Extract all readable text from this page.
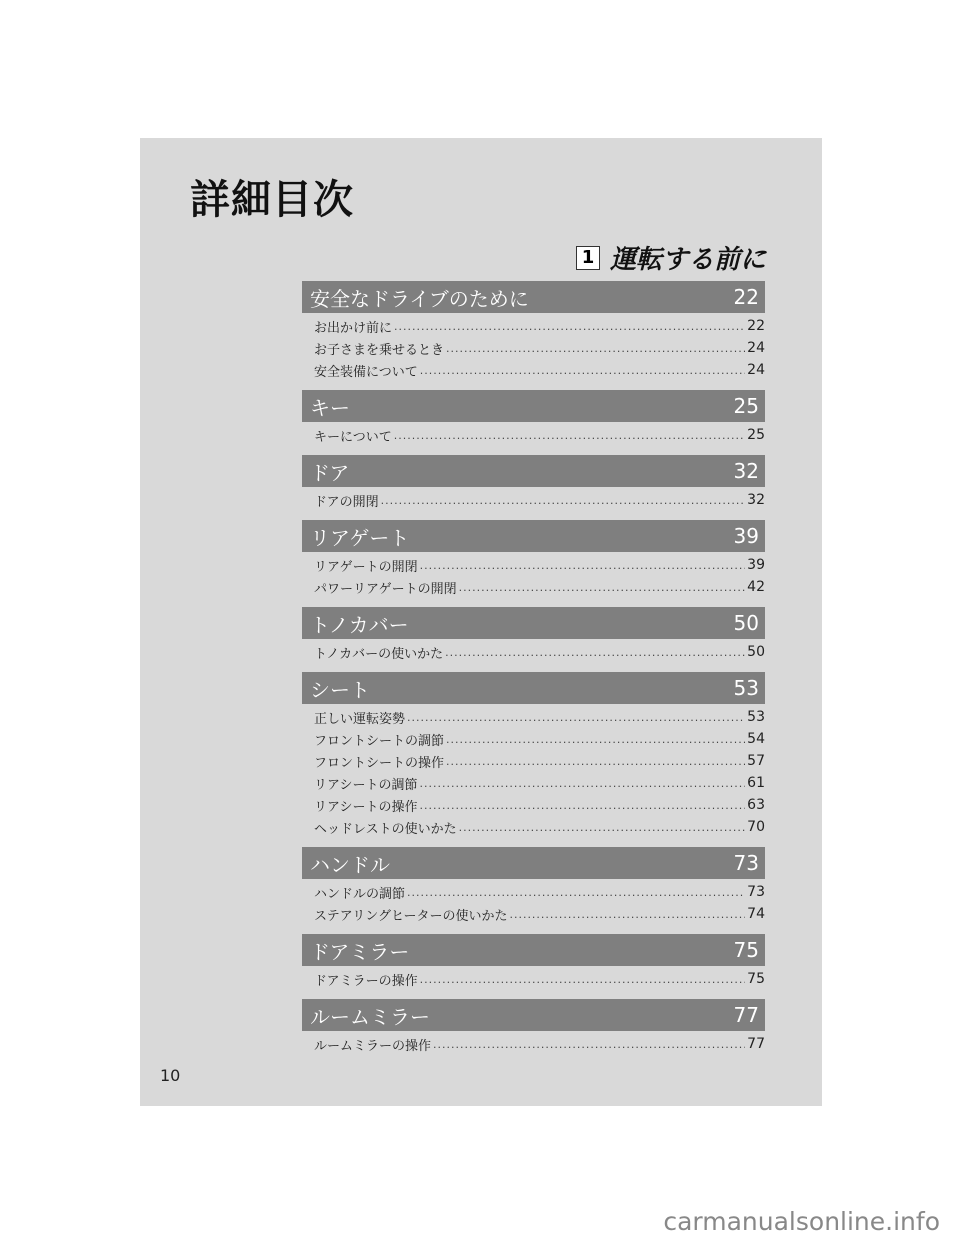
詳細目次
1 運転する前に
安全なドライブのために	22
お出かけ前に .....	22
お子さまを乗せるとき .....	24
安全装備について .....	24
キー	25
キーについて .....	25
ドア	32
ドアの開閉 .....	32
リアゲート	39
リアゲートの開閉 .....	39
パワーリアゲートの開閉 .....	42
トノカバー	50
トノカバーの使いかた .....	50
シート	53
正しい運転姿勢 .....	53
フロントシートの調節 .....	54
フロントシートの操作 .....	57
リアシートの調節 .....	61
リアシートの操作 .....	63
ヘッドレストの使いかた .....	70
ハンドル	73
ハンドルの調節 .....	73
ステアリングヒーターの使いかた .....	74
ドアミラー	75
ドアミラーの操作 .....	75
ルームミラー	77
ルームミラーの操作 .....	77
10
carmanualsonline.info
